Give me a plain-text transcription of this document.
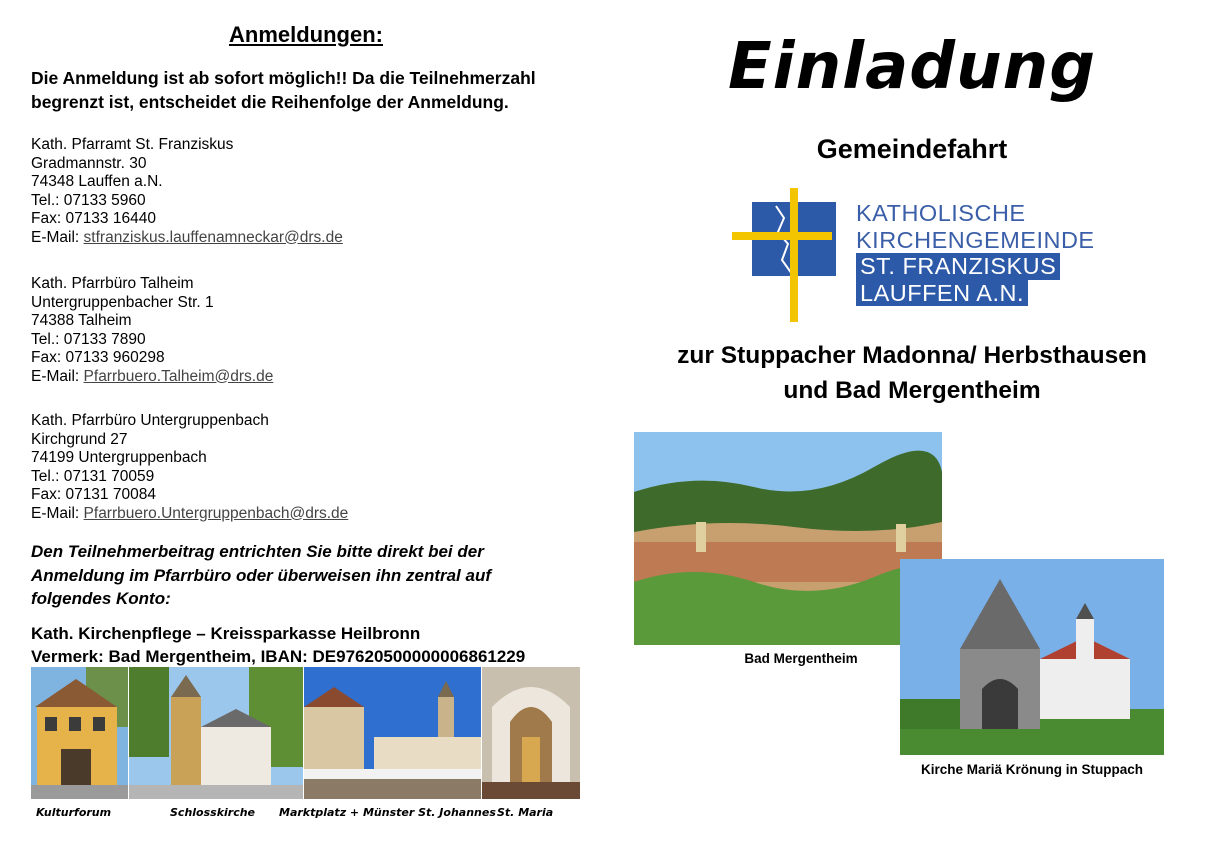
Anmeldungen:
Die Anmeldung ist ab sofort möglich!! Da die Teilnehmerzahl begrenzt ist, entscheidet die Reihenfolge der Anmeldung.
Kath. Pfarramt St. Franziskus
Gradmannstr. 30
74348 Lauffen a.N.
Tel.: 07133 5960
Fax: 07133 16440
E-Mail: stfranziskus.lauffenamneckar@drs.de
Kath. Pfarrbüro Talheim
Untergruppenbacher Str. 1
74388 Talheim
Tel.: 07133 7890
Fax: 07133 960298
E-Mail: Pfarrbuero.Talheim@drs.de
Kath. Pfarrbüro Untergruppenbach
Kirchgrund 27
74199 Untergruppenbach
Tel.: 07131 70059
Fax: 07131 70084
E-Mail: Pfarrbuero.Untergruppenbach@drs.de
Den Teilnehmerbeitrag entrichten Sie bitte direkt bei der Anmeldung im Pfarrbüro oder überweisen ihn zentral auf folgendes Konto:
Kath. Kirchenpflege – Kreissparkasse Heilbronn
Vermerk: Bad Mergentheim, IBAN: DE97620500000006861229
Kulturforum	Schlosskirche Marktplatz + Münster St. Johannes St. Maria
Einladung
Gemeindefahrt
KATHOLISCHE
KIRCHENGEMEINDE
ST. FRANZISKUS
LAUFFEN A.N.
zur Stuppacher Madonna/ Herbsthausen
und Bad Mergentheim
Bad Mergentheim
Kirche Mariä Krönung in Stuppach
